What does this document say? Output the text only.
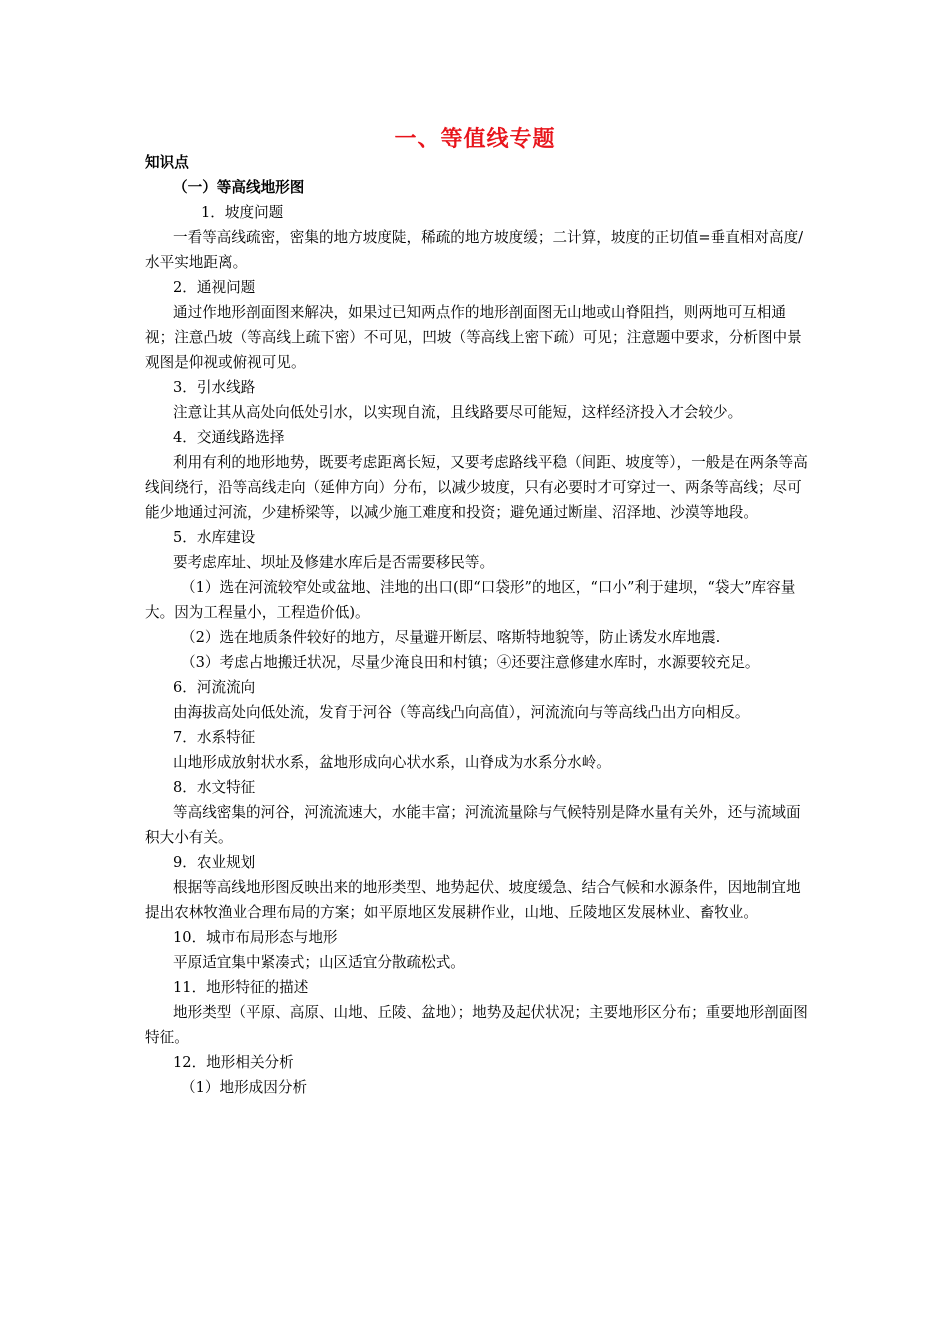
一、等值线专题

知识点

（一）等高线地形图

1．坡度问题

一看等高线疏密，密集的地方坡度陡，稀疏的地方坡度缓；二计算，坡度的正切值=垂直相对高度/水平实地距离。

2．通视问题

通过作地形剖面图来解决，如果过已知两点作的地形剖面图无山地或山脊阻挡，则两地可互相通视；注意凸坡（等高线上疏下密）不可见，凹坡（等高线上密下疏）可见；注意题中要求，分析图中景观图是仰视或俯视可见。

3．引水线路

注意让其从高处向低处引水，以实现自流，且线路要尽可能短，这样经济投入才会较少。

4．交通线路选择

利用有利的地形地势，既要考虑距离长短，又要考虑路线平稳（间距、坡度等），一般是在两条等高线间绕行，沿等高线走向（延伸方向）分布，以减少坡度，只有必要时才可穿过一、两条等高线；尽可能少地通过河流，少建桥梁等，以减少施工难度和投资；避免通过断崖、沼泽地、沙漠等地段。

5．水库建设

要考虑库址、坝址及修建水库后是否需要移民等。

（1）选在河流较窄处或盆地、洼地的出口(即“口袋形”的地区，“口小”利于建坝，“袋大”库容量大。因为工程量小，工程造价低)。

（2）选在地质条件较好的地方，尽量避开断层、喀斯特地貌等，防止诱发水库地震.

（3）考虑占地搬迁状况，尽量少淹良田和村镇；④还要注意修建水库时，水源要较充足。

6．河流流向

由海拔高处向低处流，发育于河谷（等高线凸向高值），河流流向与等高线凸出方向相反。

7．水系特征

山地形成放射状水系，盆地形成向心状水系，山脊成为水系分水岭。

8．水文特征

等高线密集的河谷，河流流速大，水能丰富；河流流量除与气候特别是降水量有关外，还与流域面积大小有关。

9．农业规划

根据等高线地形图反映出来的地形类型、地势起伏、坡度缓急、结合气候和水源条件，因地制宜地提出农林牧渔业合理布局的方案；如平原地区发展耕作业，山地、丘陵地区发展林业、畜牧业。

10．城市布局形态与地形

平原适宜集中紧凑式；山区适宜分散疏松式。

11．地形特征的描述

地形类型（平原、高原、山地、丘陵、盆地）；地势及起伏状况；主要地形区分布；重要地形剖面图特征。

12．地形相关分析

（1）地形成因分析
